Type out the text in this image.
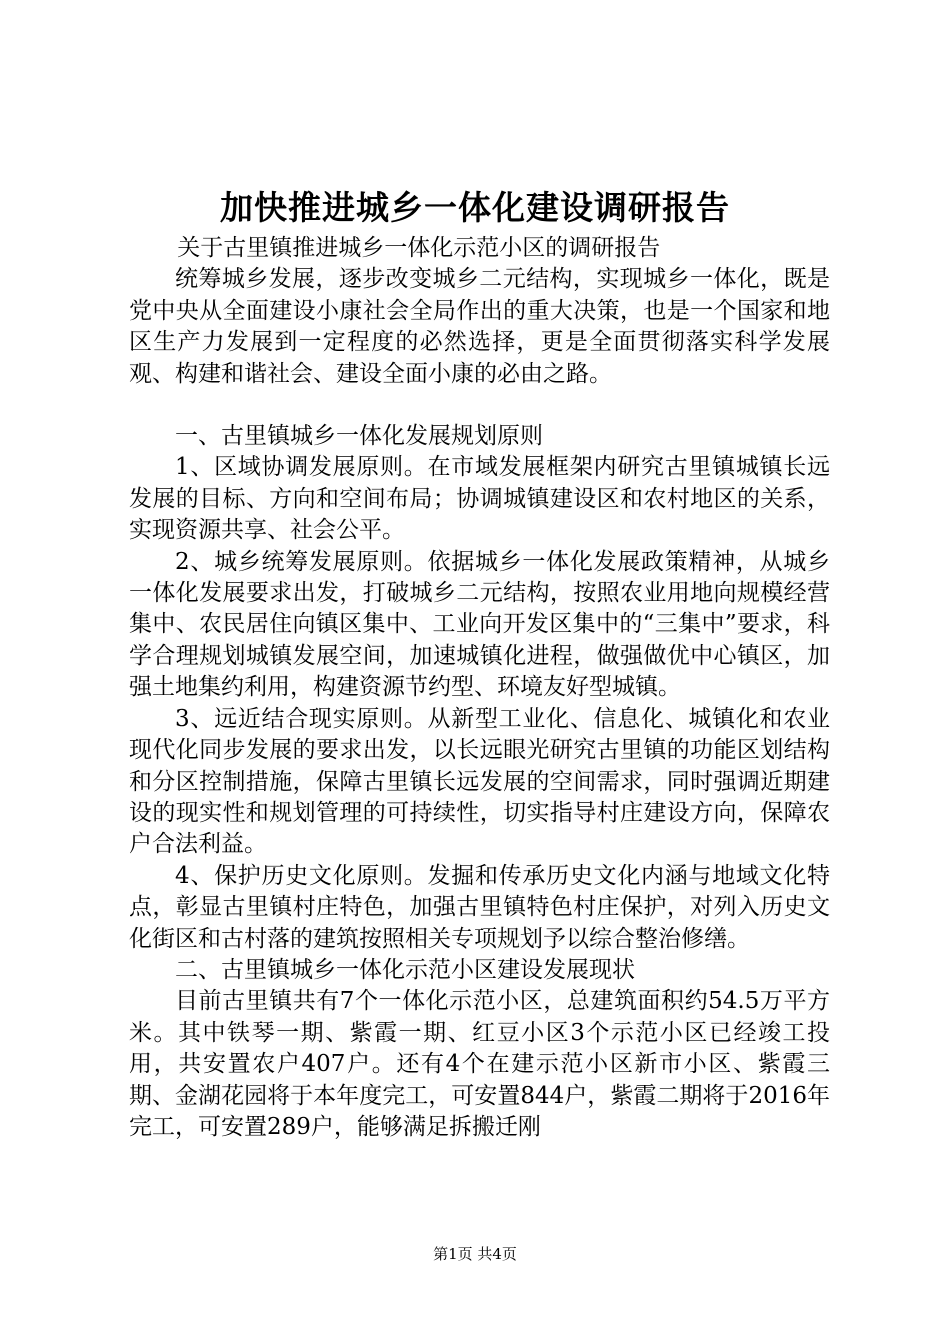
加快推进城乡一体化建设调研报告

关于古里镇推进城乡一体化示范小区的调研报告

统筹城乡发展，逐步改变城乡二元结构，实现城乡一体化，既是党中央从全面建设小康社会全局作出的重大决策，也是一个国家和地区生产力发展到一定程度的必然选择，更是全面贯彻落实科学发展观、构建和谐社会、建设全面小康的必由之路。

一、古里镇城乡一体化发展规划原则

1、区域协调发展原则。在市域发展框架内研究古里镇城镇长远发展的目标、方向和空间布局；协调城镇建设区和农村地区的关系，实现资源共享、社会公平。

2、城乡统筹发展原则。依据城乡一体化发展政策精神，从城乡一体化发展要求出发，打破城乡二元结构，按照农业用地向规模经营集中、农民居住向镇区集中、工业向开发区集中的“三集中”要求，科学合理规划城镇发展空间，加速城镇化进程，做强做优中心镇区，加强土地集约利用，构建资源节约型、环境友好型城镇。

3、远近结合现实原则。从新型工业化、信息化、城镇化和农业现代化同步发展的要求出发，以长远眼光研究古里镇的功能区划结构和分区控制措施，保障古里镇长远发展的空间需求，同时强调近期建设的现实性和规划管理的可持续性，切实指导村庄建设方向，保障农户合法利益。

4、保护历史文化原则。发掘和传承历史文化内涵与地域文化特点，彰显古里镇村庄特色，加强古里镇特色村庄保护，对列入历史文化街区和古村落的建筑按照相关专项规划予以综合整治修缮。

二、古里镇城乡一体化示范小区建设发展现状

目前古里镇共有7个一体化示范小区，总建筑面积约54.5万平方米。其中铁琴一期、紫霞一期、红豆小区3个示范小区已经竣工投用，共安置农户407户。还有4个在建示范小区新市小区、紫霞三期、金湖花园将于本年度完工，可安置844户，紫霞二期将于2016年完工，可安置289户，能够满足拆搬迁刚

第1页 共4页
